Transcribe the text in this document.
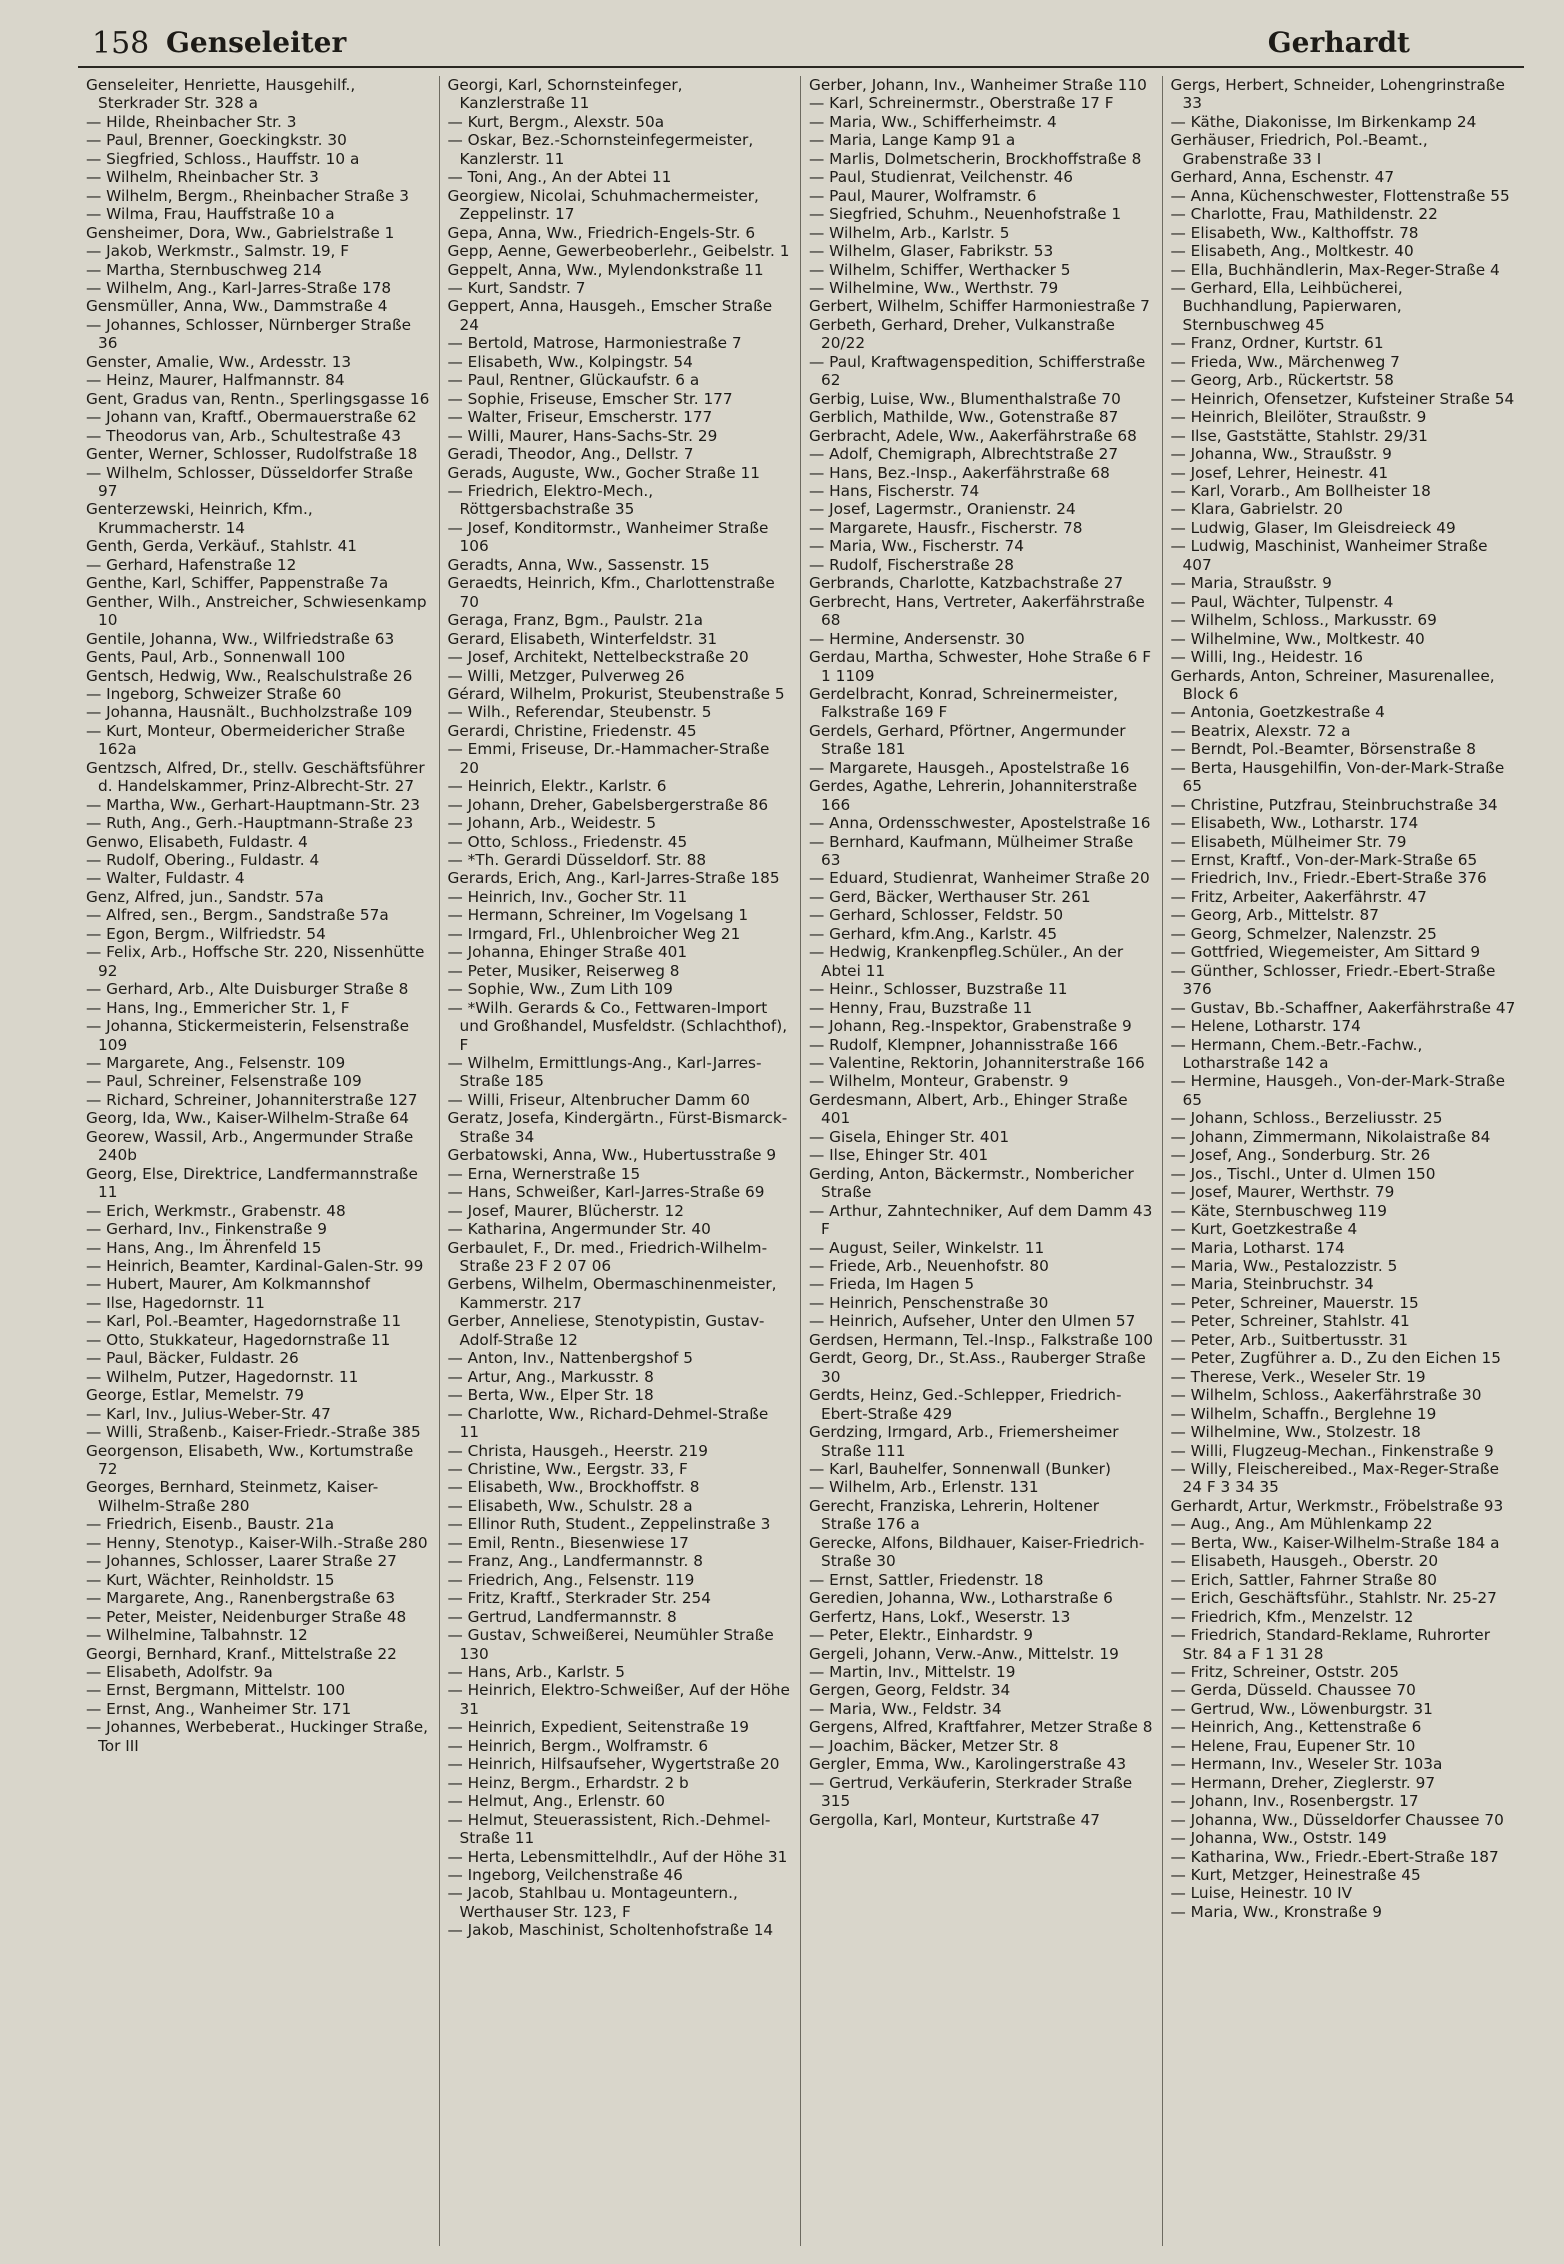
158 Genseleiter	Gerhardt
Genseleiter, Henriette, Hausgehilf., Sterkrader Str. 328 a
— Hilde, Rheinbacher Str. 3
— Paul, Brenner, Goeckingkstr. 30
— Siegfried, Schloss., Hauffstr. 10 a
— Wilhelm, Rheinbacher Str. 3
— Wilhelm, Bergm., Rheinbacher Straße 3
— Wilma, Frau, Hauffstraße 10 a
Gensheimer, Dora, Ww., Gabrielstraße 1
— Jakob, Werkmstr., Salmstr. 19, F
— Martha, Sternbuschweg 214
— Wilhelm, Ang., Karl-Jarres-Straße 178
Gensmüller, Anna, Ww., Dammstraße 4
— Johannes, Schlosser, Nürnberger Straße 36
Genster, Amalie, Ww., Ardesstr. 13
— Heinz, Maurer, Halfmannstr. 84
Gent, Gradus van, Rentn., Sperlingsgasse 16
— Johann van, Kraftf., Obermauerstraße 62
— Theodorus van, Arb., Schultestraße 43
Genter, Werner, Schlosser, Rudolfstraße 18
— Wilhelm, Schlosser, Düsseldorfer Straße 97
Genterzewski, Heinrich, Kfm., Krummacherstr. 14
Genth, Gerda, Verkäuf., Stahlstr. 41
— Gerhard, Hafenstraße 12
Genthe, Karl, Schiffer, Pappenstraße 7a
Genther, Wilh., Anstreicher, Schwiesenkamp 10
Gentile, Johanna, Ww., Wilfriedstraße 63
Gents, Paul, Arb., Sonnenwall 100
Gentsch, Hedwig, Ww., Realschulstraße 26
— Ingeborg, Schweizer Straße 60
— Johanna, Hausnält., Buchholzstraße 109
— Kurt, Monteur, Obermeidericher Straße 162a
Gentzsch, Alfred, Dr., stellv. Geschäftsführer d. Handelskammer, Prinz-Albrecht-Str. 27
— Martha, Ww., Gerhart-Hauptmann-Str. 23
— Ruth, Ang., Gerh.-Hauptmann-Straße 23
Genwo, Elisabeth, Fuldastr. 4
— Rudolf, Obering., Fuldastr. 4
— Walter, Fuldastr. 4
Genz, Alfred, jun., Sandstr. 57a
— Alfred, sen., Bergm., Sandstraße 57a
— Egon, Bergm., Wilfriedstr. 54
— Felix, Arb., Hoffsche Str. 220, Nissenhütte 92
— Gerhard, Arb., Alte Duisburger Straße 8
— Hans, Ing., Emmericher Str. 1, F
— Johanna, Stickermeisterin, Felsenstraße 109
— Margarete, Ang., Felsenstr. 109
— Paul, Schreiner, Felsenstraße 109
— Richard, Schreiner, Johanniterstraße 127
Georg, Ida, Ww., Kaiser-Wilhelm-Straße 64
Georew, Wassil, Arb., Angermunder Straße 240b
Georg, Else, Direktrice, Landfermannstraße 11
— Erich, Werkmstr., Grabenstr. 48
— Gerhard, Inv., Finkenstraße 9
— Hans, Ang., Im Ährenfeld 15
— Heinrich, Beamter, Kardinal-Galen-Str. 99
— Hubert, Maurer, Am Kolkmannshof
— Ilse, Hagedornstr. 11
— Karl, Pol.-Beamter, Hagedornstraße 11
— Otto, Stukkateur, Hagedornstraße 11
— Paul, Bäcker, Fuldastr. 26
— Wilhelm, Putzer, Hagedornstr. 11
George, Estlar, Memelstr. 79
— Karl, Inv., Julius-Weber-Str. 47
— Willi, Straßenb., Kaiser-Friedr.-Straße 385
Georgenson, Elisabeth, Ww., Kortumstraße 72
Georges, Bernhard, Steinmetz, Kaiser-Wilhelm-Straße 280
— Friedrich, Eisenb., Baustr. 21a
— Henny, Stenotyp., Kaiser-Wilh.-Straße 280
— Johannes, Schlosser, Laarer Straße 27
— Kurt, Wächter, Reinholdstr. 15
— Margarete, Ang., Ranenbergstraße 63
— Peter, Meister, Neidenburger Straße 48
— Wilhelmine, Talbahnstr. 12
Georgi, Bernhard, Kranf., Mittelstraße 22
— Elisabeth, Adolfstr. 9a
— Ernst, Bergmann, Mittelstr. 100
— Ernst, Ang., Wanheimer Str. 171
— Johannes, Werbeberat., Huckinger Straße, Tor III
Georgi, Karl, Schornsteinfeger, Kanzlerstraße 11
— Kurt, Bergm., Alexstr. 50a
— Oskar, Bez.-Schornsteinfegermeister, Kanzlerstr. 11
— Toni, Ang., An der Abtei 11
Georgiew, Nicolai, Schuhmachermeister, Zeppelinstr. 17
Gepa, Anna, Ww., Friedrich-Engels-Str. 6
Gepp, Aenne, Gewerbeoberlehr., Geibelstr. 1
Geppelt, Anna, Ww., Mylendonkstraße 11
— Kurt, Sandstr. 7
Geppert, Anna, Hausgeh., Emscher Straße 24
— Bertold, Matrose, Harmoniestraße 7
— Elisabeth, Ww., Kolpingstr. 54
— Paul, Rentner, Glückaufstr. 6 a
— Sophie, Friseuse, Emscher Str. 177
— Walter, Friseur, Emscherstr. 177
— Willi, Maurer, Hans-Sachs-Str. 29
Geradi, Theodor, Ang., Dellstr. 7
Gerads, Auguste, Ww., Gocher Straße 11
— Friedrich, Elektro-Mech., Röttgersbachstraße 35
— Josef, Konditormstr., Wanheimer Straße 106
Geradts, Anna, Ww., Sassenstr. 15
Geraedts, Heinrich, Kfm., Charlottenstraße 70
Geraga, Franz, Bgm., Paulstr. 21a
Gerard, Elisabeth, Winterfeldstr. 31
— Josef, Architekt, Nettelbeckstraße 20
— Willi, Metzger, Pulverweg 26
Gérard, Wilhelm, Prokurist, Steubenstraße 5
— Wilh., Referendar, Steubenstr. 5
Gerardi, Christine, Friedenstr. 45
— Emmi, Friseuse, Dr.-Hammacher-Straße 20
— Heinrich, Elektr., Karlstr. 6
— Johann, Dreher, Gabelsbergerstraße 86
— Johann, Arb., Weidestr. 5
— Otto, Schloss., Friedenstr. 45
— *Th. Gerardi Düsseldorf. Str. 88
Gerards, Erich, Ang., Karl-Jarres-Straße 185
— Heinrich, Inv., Gocher Str. 11
— Hermann, Schreiner, Im Vogelsang 1
— Irmgard, Frl., Uhlenbroicher Weg 21
— Johanna, Ehinger Straße 401
— Peter, Musiker, Reiserweg 8
— Sophie, Ww., Zum Lith 109
— *Wilh. Gerards & Co., Fettwaren-Import und Großhandel, Musfeldstr. (Schlachthof), F
— Wilhelm, Ermittlungs-Ang., Karl-Jarres-Straße 185
— Willi, Friseur, Altenbrucher Damm 60
Geratz, Josefa, Kindergärtn., Fürst-Bismarck-Straße 34
Gerbatowski, Anna, Ww., Hubertusstraße 9
— Erna, Wernerstraße 15
— Hans, Schweißer, Karl-Jarres-Straße 69
— Josef, Maurer, Blücherstr. 12
— Katharina, Angermunder Str. 40
Gerbaulet, F., Dr. med., Friedrich-Wilhelm-Straße 23 F 2 07 06
Gerbens, Wilhelm, Obermaschinenmeister, Kammerstr. 217
Gerber, Anneliese, Stenotypistin, Gustav-Adolf-Straße 12
— Anton, Inv., Nattenbergshof 5
— Artur, Ang., Markusstr. 8
— Berta, Ww., Elper Str. 18
— Charlotte, Ww., Richard-Dehmel-Straße 11
— Christa, Hausgeh., Heerstr. 219
— Christine, Ww., Eergstr. 33, F
— Elisabeth, Ww., Brockhoffstr. 8
— Elisabeth, Ww., Schulstr. 28 a
— Ellinor Ruth, Student., Zeppelinstraße 3
— Emil, Rentn., Biesenwiese 17
— Franz, Ang., Landfermannstr. 8
— Friedrich, Ang., Felsenstr. 119
— Fritz, Kraftf., Sterkrader Str. 254
— Gertrud, Landfermannstr. 8
— Gustav, Schweißerei, Neumühler Straße 130
— Hans, Arb., Karlstr. 5
— Heinrich, Elektro-Schweißer, Auf der Höhe 31
— Heinrich, Expedient, Seitenstraße 19
— Heinrich, Bergm., Wolframstr. 6
— Heinrich, Hilfsaufseher, Wygertstraße 20
— Heinz, Bergm., Erhardstr. 2 b
— Helmut, Ang., Erlenstr. 60
— Helmut, Steuerassistent, Rich.-Dehmel-Straße 11
— Herta, Lebensmittelhdlr., Auf der Höhe 31
— Ingeborg, Veilchenstraße 46
— Jacob, Stahlbau u. Montageuntern., Werthauser Str. 123, F
— Jakob, Maschinist, Scholtenhofstraße 14
Gerber, Johann, Inv., Wanheimer Straße 110
— Karl, Schreinermstr., Oberstraße 17 F
— Maria, Ww., Schifferheimstr. 4
— Maria, Lange Kamp 91 a
— Marlis, Dolmetscherin, Brockhoffstraße 8
— Paul, Studienrat, Veilchenstr. 46
— Paul, Maurer, Wolframstr. 6
— Siegfried, Schuhm., Neuenhofstraße 1
— Wilhelm, Arb., Karlstr. 5
— Wilhelm, Glaser, Fabrikstr. 53
— Wilhelm, Schiffer, Werthacker 5
— Wilhelmine, Ww., Werthstr. 79
Gerbert, Wilhelm, Schiffer Harmoniestraße 7
Gerbeth, Gerhard, Dreher, Vulkanstraße 20/22
— Paul, Kraftwagenspedition, Schifferstraße 62
Gerbig, Luise, Ww., Blumenthalstraße 70
Gerblich, Mathilde, Ww., Gotenstraße 87
Gerbracht, Adele, Ww., Aakerfährstraße 68
— Adolf, Chemigraph, Albrechtstraße 27
— Hans, Bez.-Insp., Aakerfährstraße 68
— Hans, Fischerstr. 74
— Josef, Lagermstr., Oranienstr. 24
— Margarete, Hausfr., Fischerstr. 78
— Maria, Ww., Fischerstr. 74
— Rudolf, Fischerstraße 28
Gerbrands, Charlotte, Katzbachstraße 27
Gerbrecht, Hans, Vertreter, Aakerfährstraße 68
— Hermine, Andersenstr. 30
Gerdau, Martha, Schwester, Hohe Straße 6 F 1 1109
Gerdelbracht, Konrad, Schreinermeister, Falkstraße 169 F
Gerdels, Gerhard, Pförtner, Angermunder Straße 181
— Margarete, Hausgeh., Apostelstraße 16
Gerdes, Agathe, Lehrerin, Johanniterstraße 166
— Anna, Ordensschwester, Apostelstraße 16
— Bernhard, Kaufmann, Mülheimer Straße 63
— Eduard, Studienrat, Wanheimer Straße 20
— Gerd, Bäcker, Werthauser Str. 261
— Gerhard, Schlosser, Feldstr. 50
— Gerhard, kfm.Ang., Karlstr. 45
— Hedwig, Krankenpfleg.Schüler., An der Abtei 11
— Heinr., Schlosser, Buzstraße 11
— Henny, Frau, Buzstraße 11
— Johann, Reg.-Inspektor, Grabenstraße 9
— Rudolf, Klempner, Johannisstraße 166
— Valentine, Rektorin, Johanniterstraße 166
— Wilhelm, Monteur, Grabenstr. 9
Gerdesmann, Albert, Arb., Ehinger Straße 401
— Gisela, Ehinger Str. 401
— Ilse, Ehinger Str. 401
Gerding, Anton, Bäckermstr., Nombericher Straße
— Arthur, Zahntechniker, Auf dem Damm 43 F
— August, Seiler, Winkelstr. 11
— Friede, Arb., Neuenhofstr. 80
— Frieda, Im Hagen 5
— Heinrich, Penschenstraße 30
— Heinrich, Aufseher, Unter den Ulmen 57
Gerdsen, Hermann, Tel.-Insp., Falkstraße 100
Gerdt, Georg, Dr., St.Ass., Rauberger Straße 30
Gerdts, Heinz, Ged.-Schlepper, Friedrich-Ebert-Straße 429
Gerdzing, Irmgard, Arb., Friemersheimer Straße 111
— Karl, Bauhelfer, Sonnenwall (Bunker)
— Wilhelm, Arb., Erlenstr. 131
Gerecht, Franziska, Lehrerin, Holtener Straße 176 a
Gerecke, Alfons, Bildhauer, Kaiser-Friedrich-Straße 30
— Ernst, Sattler, Friedenstr. 18
Geredien, Johanna, Ww., Lotharstraße 6
Gerfertz, Hans, Lokf., Weserstr. 13
— Peter, Elektr., Einhardstr. 9
Gergeli, Johann, Verw.-Anw., Mittelstr. 19
— Martin, Inv., Mittelstr. 19
Gergen, Georg, Feldstr. 34
— Maria, Ww., Feldstr. 34
Gergens, Alfred, Kraftfahrer, Metzer Straße 8
— Joachim, Bäcker, Metzer Str. 8
Gergler, Emma, Ww., Karolingerstraße 43
— Gertrud, Verkäuferin, Sterkrader Straße 315
Gergolla, Karl, Monteur, Kurtstraße 47
Gergs, Herbert, Schneider, Lohengrinstraße 33
— Käthe, Diakonisse, Im Birkenkamp 24
Gerhäuser, Friedrich, Pol.-Beamt., Grabenstraße 33 I
Gerhard, Anna, Eschenstr. 47
— Anna, Küchenschwester, Flottenstraße 55
— Charlotte, Frau, Mathildenstr. 22
— Elisabeth, Ww., Kalthoffstr. 78
— Elisabeth, Ang., Moltkestr. 40
— Ella, Buchhändlerin, Max-Reger-Straße 4
— Gerhard, Ella, Leihbücherei, Buchhandlung, Papierwaren, Sternbuschweg 45
— Franz, Ordner, Kurtstr. 61
— Frieda, Ww., Märchenweg 7
— Georg, Arb., Rückertstr. 58
— Heinrich, Ofensetzer, Kufsteiner Straße 54
— Heinrich, Bleilöter, Straußstr. 9
— Ilse, Gaststätte, Stahlstr. 29/31
— Johanna, Ww., Straußstr. 9
— Josef, Lehrer, Heinestr. 41
— Karl, Vorarb., Am Bollheister 18
— Klara, Gabrielstr. 20
— Ludwig, Glaser, Im Gleisdreieck 49
— Ludwig, Maschinist, Wanheimer Straße 407
— Maria, Straußstr. 9
— Paul, Wächter, Tulpenstr. 4
— Wilhelm, Schloss., Markusstr. 69
— Wilhelmine, Ww., Moltkestr. 40
— Willi, Ing., Heidestr. 16
Gerhards, Anton, Schreiner, Masurenallee, Block 6
— Antonia, Goetzkestraße 4
— Beatrix, Alexstr. 72 a
— Berndt, Pol.-Beamter, Börsenstraße 8
— Berta, Hausgehilfin, Von-der-Mark-Straße 65
— Christine, Putzfrau, Steinbruchstraße 34
— Elisabeth, Ww., Lotharstr. 174
— Elisabeth, Mülheimer Str. 79
— Ernst, Kraftf., Von-der-Mark-Straße 65
— Friedrich, Inv., Friedr.-Ebert-Straße 376
— Fritz, Arbeiter, Aakerfährstr. 47
— Georg, Arb., Mittelstr. 87
— Georg, Schmelzer, Nalenzstr. 25
— Gottfried, Wiegemeister, Am Sittard 9
— Günther, Schlosser, Friedr.-Ebert-Straße 376
— Gustav, Bb.-Schaffner, Aakerfährstraße 47
— Helene, Lotharstr. 174
— Hermann, Chem.-Betr.-Fachw., Lotharstraße 142 a
— Hermine, Hausgeh., Von-der-Mark-Straße 65
— Johann, Schloss., Berzeliusstr. 25
— Johann, Zimmermann, Nikolaistraße 84
— Josef, Ang., Sonderburg. Str. 26
— Jos., Tischl., Unter d. Ulmen 150
— Josef, Maurer, Werthstr. 79
— Käte, Sternbuschweg 119
— Kurt, Goetzkestraße 4
— Maria, Lotharst. 174
— Maria, Ww., Pestalozzistr. 5
— Maria, Steinbruchstr. 34
— Peter, Schreiner, Mauerstr. 15
— Peter, Schreiner, Stahlstr. 41
— Peter, Arb., Suitbertusstr. 31
— Peter, Zugführer a. D., Zu den Eichen 15
— Therese, Verk., Weseler Str. 19
— Wilhelm, Schloss., Aakerfährstraße 30
— Wilhelm, Schaffn., Berglehne 19
— Wilhelmine, Ww., Stolzestr. 18
— Willi, Flugzeug-Mechan., Finkenstraße 9
— Willy, Fleischereibed., Max-Reger-Straße 24 F 3 34 35
Gerhardt, Artur, Werkmstr., Fröbelstraße 93
— Aug., Ang., Am Mühlenkamp 22
— Berta, Ww., Kaiser-Wilhelm-Straße 184 a
— Elisabeth, Hausgeh., Oberstr. 20
— Erich, Sattler, Fahrner Straße 80
— Erich, Geschäftsführ., Stahlstr. Nr. 25-27
— Friedrich, Kfm., Menzelstr. 12
— Friedrich, Standard-Reklame, Ruhrorter Str. 84 a F 1 31 28
— Fritz, Schreiner, Oststr. 205
— Gerda, Düsseld. Chaussee 70
— Gertrud, Ww., Löwenburgstr. 31
— Heinrich, Ang., Kettenstraße 6
— Helene, Frau, Eupener Str. 10
— Hermann, Inv., Weseler Str. 103a
— Hermann, Dreher, Zieglerstr. 97
— Johann, Inv., Rosenbergstr. 17
— Johanna, Ww., Düsseldorfer Chaussee 70
— Johanna, Ww., Oststr. 149
— Katharina, Ww., Friedr.-Ebert-Straße 187
— Kurt, Metzger, Heinestraße 45
— Luise, Heinestr. 10 IV
— Maria, Ww., Kronstraße 9
